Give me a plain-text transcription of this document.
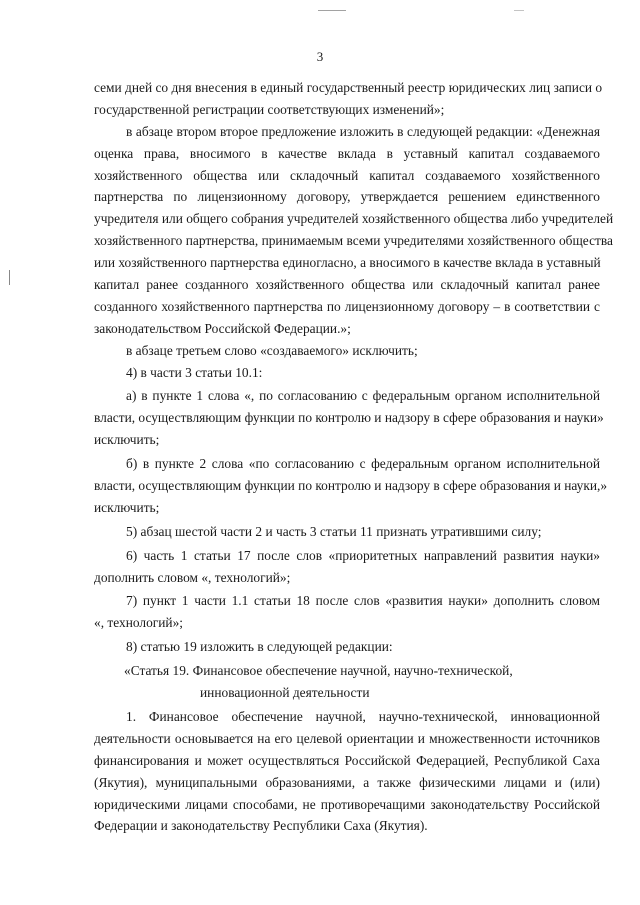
3
семи дней со дня внесения в единый государственный реестр юридических лиц записи о
государственной регистрации соответствующих изменений»;
в абзаце втором второе предложение изложить в следующей редакции: «Денежная
оценка права, вносимого в качестве вклада в уставный капитал создаваемого
хозяйственного общества или складочный капитал создаваемого хозяйственного
партнерства по лицензионному договору, утверждается решением единственного
учредителя или общего собрания учредителей хозяйственного общества либо учредителей
хозяйственного партнерства, принимаемым всеми учредителями хозяйственного общества
или хозяйственного партнерства единогласно, а вносимого в качестве вклада в уставный
капитал ранее созданного хозяйственного общества или складочный капитал ранее
созданного хозяйственного партнерства по лицензионному договору – в соответствии с
законодательством Российской Федерации.»;
в абзаце третьем слово «создаваемого» исключить;
4) в части 3 статьи 10.1:
а) в пункте 1 слова «, по согласованию с федеральным органом исполнительной
власти, осуществляющим функции по контролю и надзору в сфере образования и науки»
исключить;
б) в пункте 2 слова «по согласованию с федеральным органом исполнительной
власти, осуществляющим функции по контролю и надзору в сфере образования и науки,»
исключить;
5) абзац шестой части 2 и часть 3 статьи 11 признать утратившими силу;
6) часть 1 статьи 17 после слов «приоритетных направлений развития науки»
дополнить словом «, технологий»;
7) пункт 1 части 1.1 статьи 18 после слов «развития науки» дополнить словом
«, технологий»;
8) статью 19 изложить в следующей редакции:
«Статья 19. Финансовое обеспечение научной, научно-технической,
инновационной деятельности
1. Финансовое обеспечение научной, научно-технической, инновационной
деятельности основывается на его целевой ориентации и множественности источников
финансирования и может осуществляться Российской Федерацией, Республикой Саха
(Якутия), муниципальными образованиями, а также физическими лицами и (или)
юридическими лицами способами, не противоречащими законодательству Российской
Федерации и законодательству Республики Саха (Якутия).
